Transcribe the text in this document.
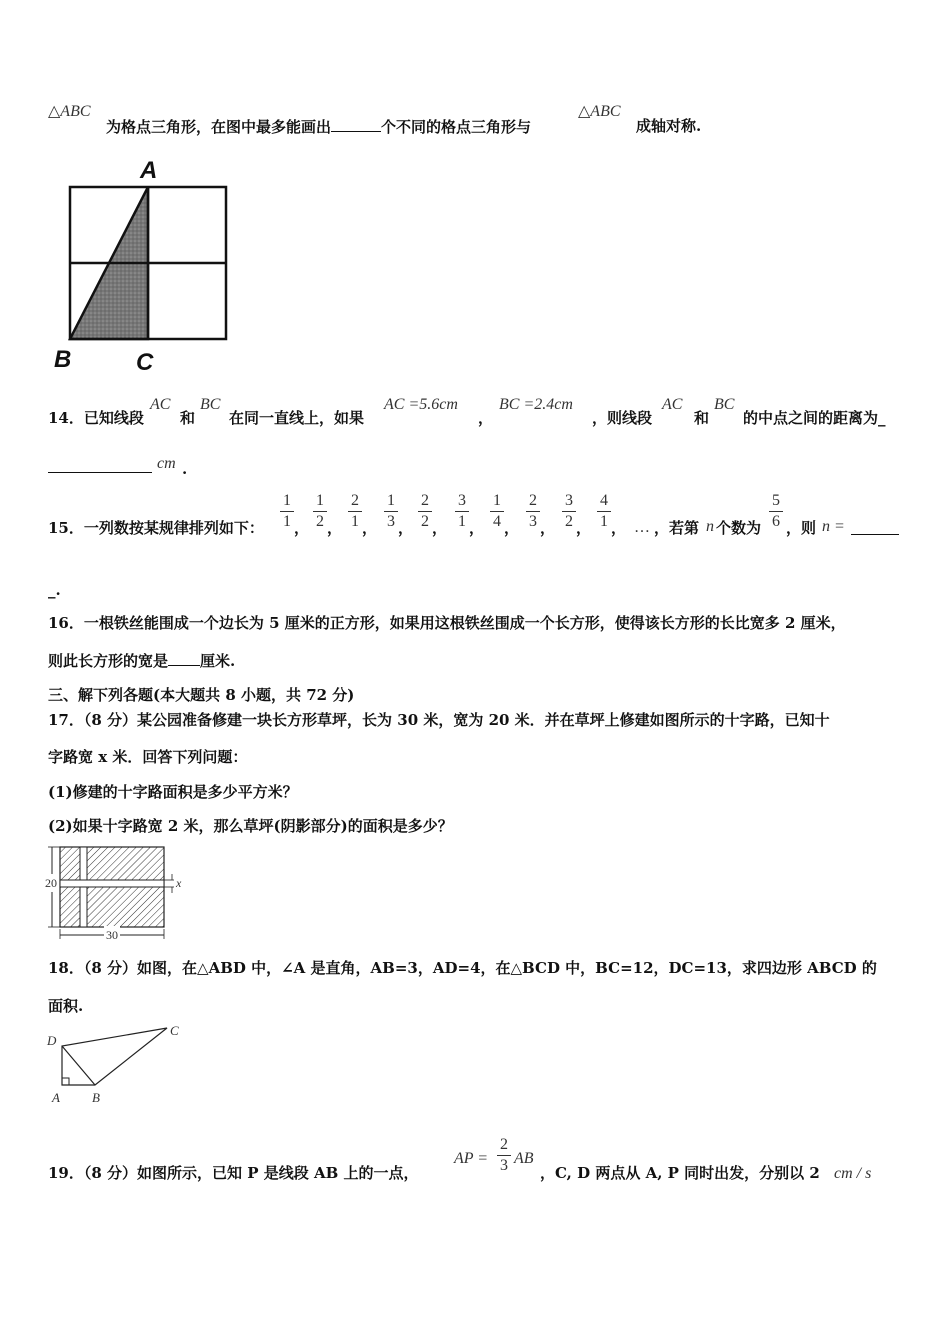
△ABC
为格点三角形，在图中最多能画出	个不同的格点三角形与
△ABC
成轴对称.
A
B	C
14．已知线段
AC
和
BC
在同一直线上，如果
AC =5.6cm
，
BC =2.4cm
，则线段
AC
和
BC
的中点之间的距离为_
cm .
15．一列数按某规律排列如下：
1
1 ，
1
2 ，
2
1 ，
1
3 ，
2
2 ，
3
1 ，
1
4 ，
2
3 ，
3
2 ，
4
1 ， … ，若第 n 个数为
5
6 ，则 n =
_.
16．一根铁丝能围成一个边长为 5 厘米的正方形，如果用这根铁丝围成一个长方形，使得该长方形的长比宽多 2 厘米，
则此长方形的宽是 厘米.
三、解下列各题(本大题共 8 小题，共 72 分)
17．（8 分）某公园准备修建一块长方形草坪，长为 30 米，宽为 20 米．并在草坪上修建如图所示的十字路，已知十
字路宽 x 米．回答下列问题：
(1)修建的十字路面积是多少平方米？
(2)如果十字路宽 2 米，那么草坪(阴影部分)的面积是多少？
20
30
x
18．（8 分）如图，在△ABD 中，∠A 是直角，AB=3，AD=4，在△BCD 中，BC=12，DC=13，求四边形 ABCD 的
面积.
D
C
A B
19．（8 分）如图所示，已知 P 是线段 AB 上的一点，
AP =
2
3 AB
，C, D 两点从 A, P 同时出发，分别以 2 cm / s
